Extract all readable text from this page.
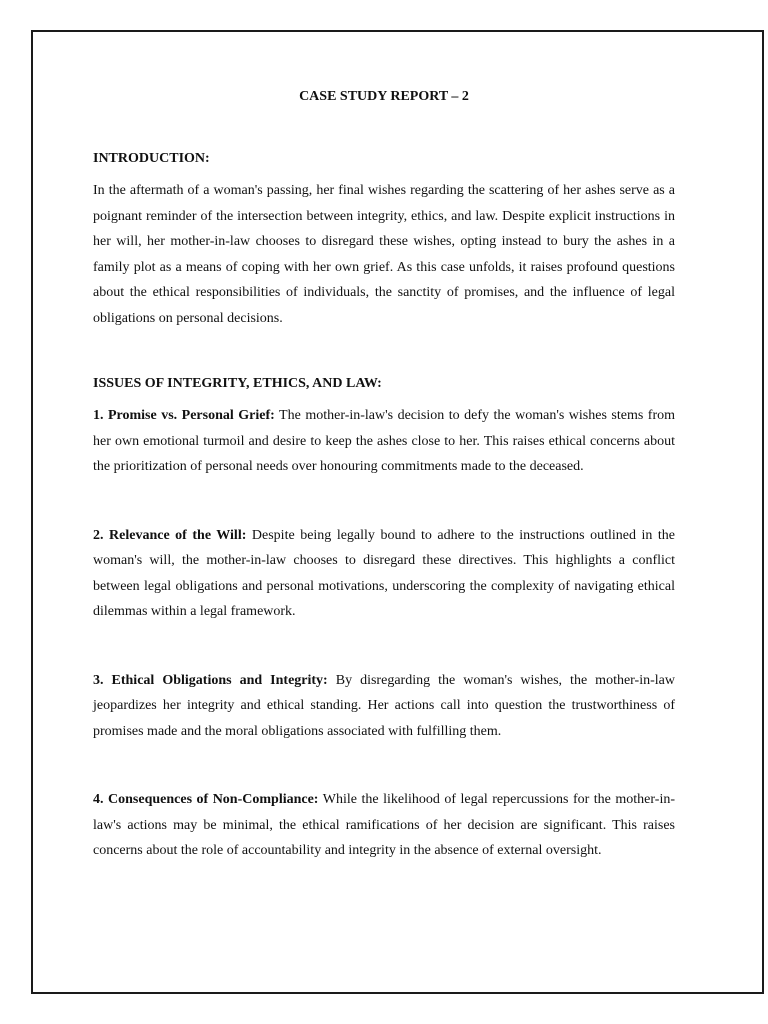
CASE STUDY REPORT – 2
INTRODUCTION:

In the aftermath of a woman's passing, her final wishes regarding the scattering of her ashes serve as a poignant reminder of the intersection between integrity, ethics, and law. Despite explicit instructions in her will, her mother-in-law chooses to disregard these wishes, opting instead to bury the ashes in a family plot as a means of coping with her own grief. As this case unfolds, it raises profound questions about the ethical responsibilities of individuals, the sanctity of promises, and the influence of legal obligations on personal decisions.

ISSUES OF INTEGRITY, ETHICS, AND LAW:

1. Promise vs. Personal Grief: The mother-in-law's decision to defy the woman's wishes stems from her own emotional turmoil and desire to keep the ashes close to her. This raises ethical concerns about the prioritization of personal needs over honouring commitments made to the deceased.

2. Relevance of the Will: Despite being legally bound to adhere to the instructions outlined in the woman's will, the mother-in-law chooses to disregard these directives. This highlights a conflict between legal obligations and personal motivations, underscoring the complexity of navigating ethical dilemmas within a legal framework.

3. Ethical Obligations and Integrity: By disregarding the woman's wishes, the mother-in-law jeopardizes her integrity and ethical standing. Her actions call into question the trustworthiness of promises made and the moral obligations associated with fulfilling them.

4. Consequences of Non-Compliance: While the likelihood of legal repercussions for the mother-in-law's actions may be minimal, the ethical ramifications of her decision are significant. This raises concerns about the role of accountability and integrity in the absence of external oversight.
